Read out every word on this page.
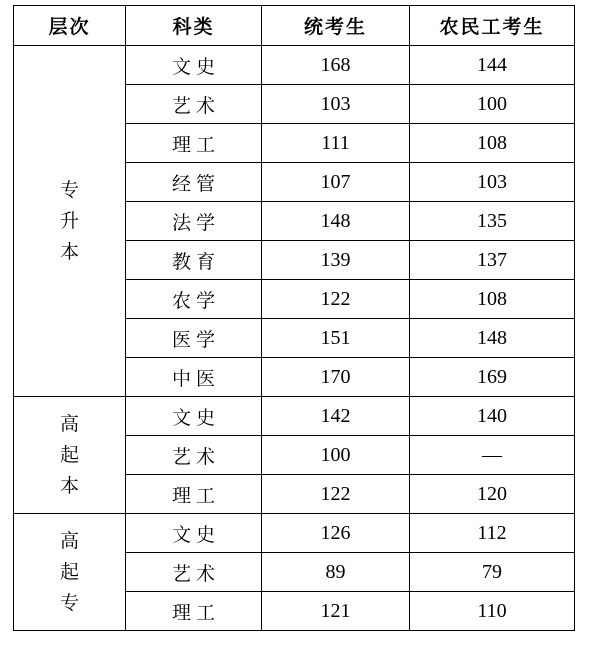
层次	科类	统考生	农民工考生

专
升
本	文史	168	144
	艺术	103	100
	理工	111	108
	经管	107	103
	法学	148	135
	教育	139	137
	农学	122	108
	医学	151	148
	中医	170	169

高
起
本	文史	142	140
	艺术	100	—
	理工	122	120

高
起
专	文史	126	112
	艺术	89	79
	理工	121	110
